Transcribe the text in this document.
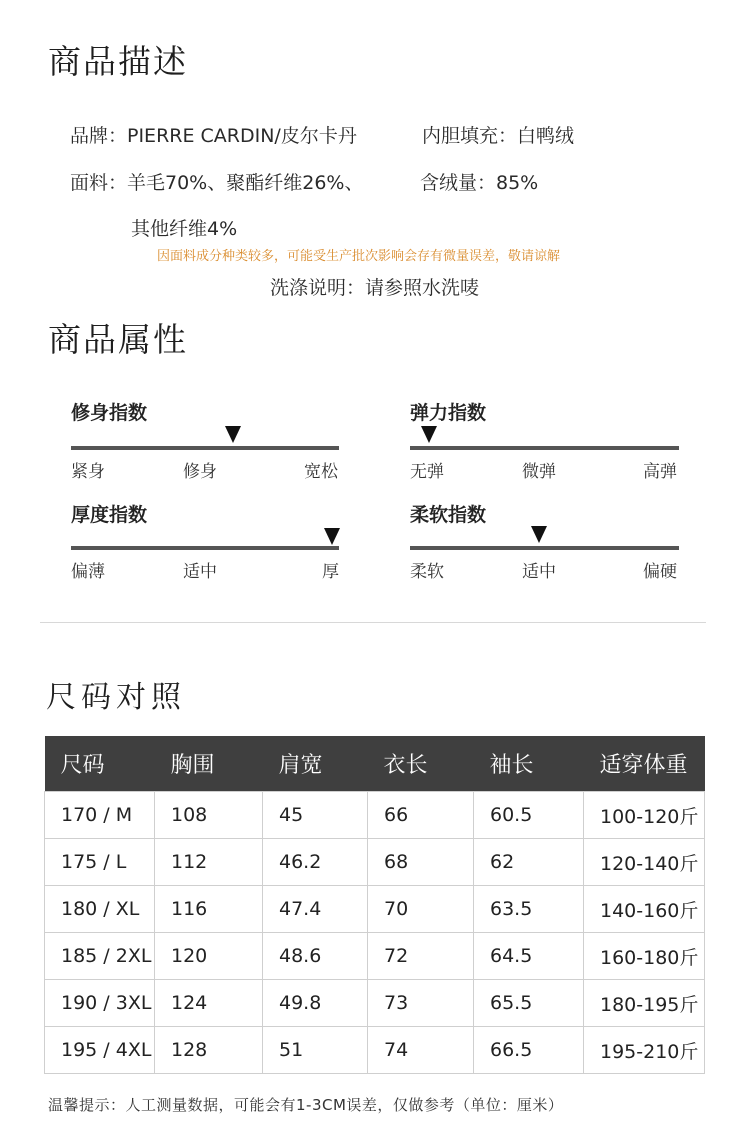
商品描述
品牌：PIERRE CARDIN/皮尔卡丹	内胆填充：白鸭绒
面料：羊毛70%、聚酯纤维26%、	含绒量：85%
其他纤维4%
因面料成分种类较多，可能受生产批次影响会存有微量误差，敬请谅解
洗涤说明：请参照水洗唛
商品属性
修身指数
紧身	修身	宽松
弹力指数
无弹	微弹	高弹
厚度指数
偏薄	适中	厚
柔软指数
柔软	适中	偏硬
尺码对照
尺码	胸围	肩宽	衣长	袖长	适穿体重
170 / M	108	45	66	60.5	100-120斤
175 / L	112	46.2	68	62	120-140斤
180 / XL	116	47.4	70	63.5	140-160斤
185 / 2XL	120	48.6	72	64.5	160-180斤
190 / 3XL	124	49.8	73	65.5	180-195斤
195 / 4XL	128	51	74	66.5	195-210斤
温馨提示：人工测量数据，可能会有1-3CM误差，仅做参考（单位：厘米）
